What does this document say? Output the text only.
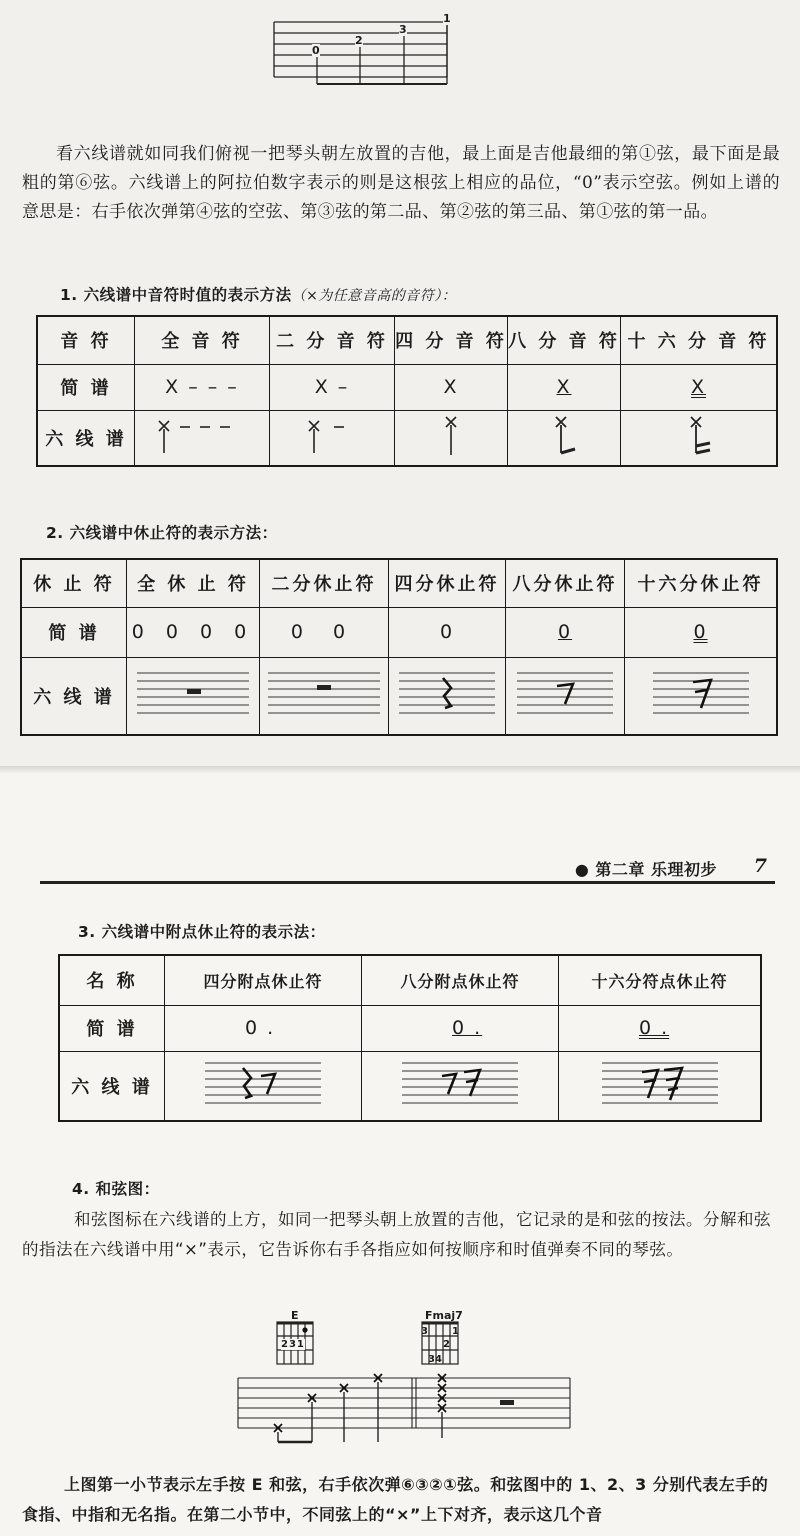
0
2
3
1
看六线谱就如同我们俯视一把琴头朝左放置的吉他，最上面是吉他最细的第①弦，最下面是最粗的第⑥弦。六线谱上的阿拉伯数字表示的则是这根弦上相应的品位，“0”表示空弦。例如上谱的意思是：右手依次弹第④弦的空弦、第③弦的第二品、第②弦的第三品、第①弦的第一品。
1. 六线谱中音符时值的表示方法（×为任意音高的音符）：
音 符	全 音 符	二 分 音 符	四 分 音 符	八 分 音 符	十 六 分 音 符
简 谱	X – – –	X –	X	X	X
六 线 谱					
2. 六线谱中休止符的表示方法：
休 止 符	全 休 止 符	二分休止符	四分休止符	八分休止符	十六分休止符
简 谱	0 0 0 0	0 0	0	0	0
六 线 谱					
● 第二章 乐理初步 7
3. 六线谱中附点休止符的表示法：
名 称	四分附点休止符	八分附点休止符	十六分符点休止符
简 谱	0 .	0 .	0 .
六 线 谱			
4. 和弦图：
和弦图标在六线谱的上方，如同一把琴头朝上放置的吉他，它记录的是和弦的按法。分解和弦的指法在六线谱中用“×”表示，它告诉你右手各指应如何按顺序和时值弹奏不同的琴弦。
E
231
Fmaj7
3
2
1
34
上图第一小节表示左手按 E 和弦，右手依次弹⑥③②①弦。和弦图中的 1、2、3 分别代表左手的食指、中指和无名指。在第二小节中，不同弦上的“×”上下对齐，表示这几个音
